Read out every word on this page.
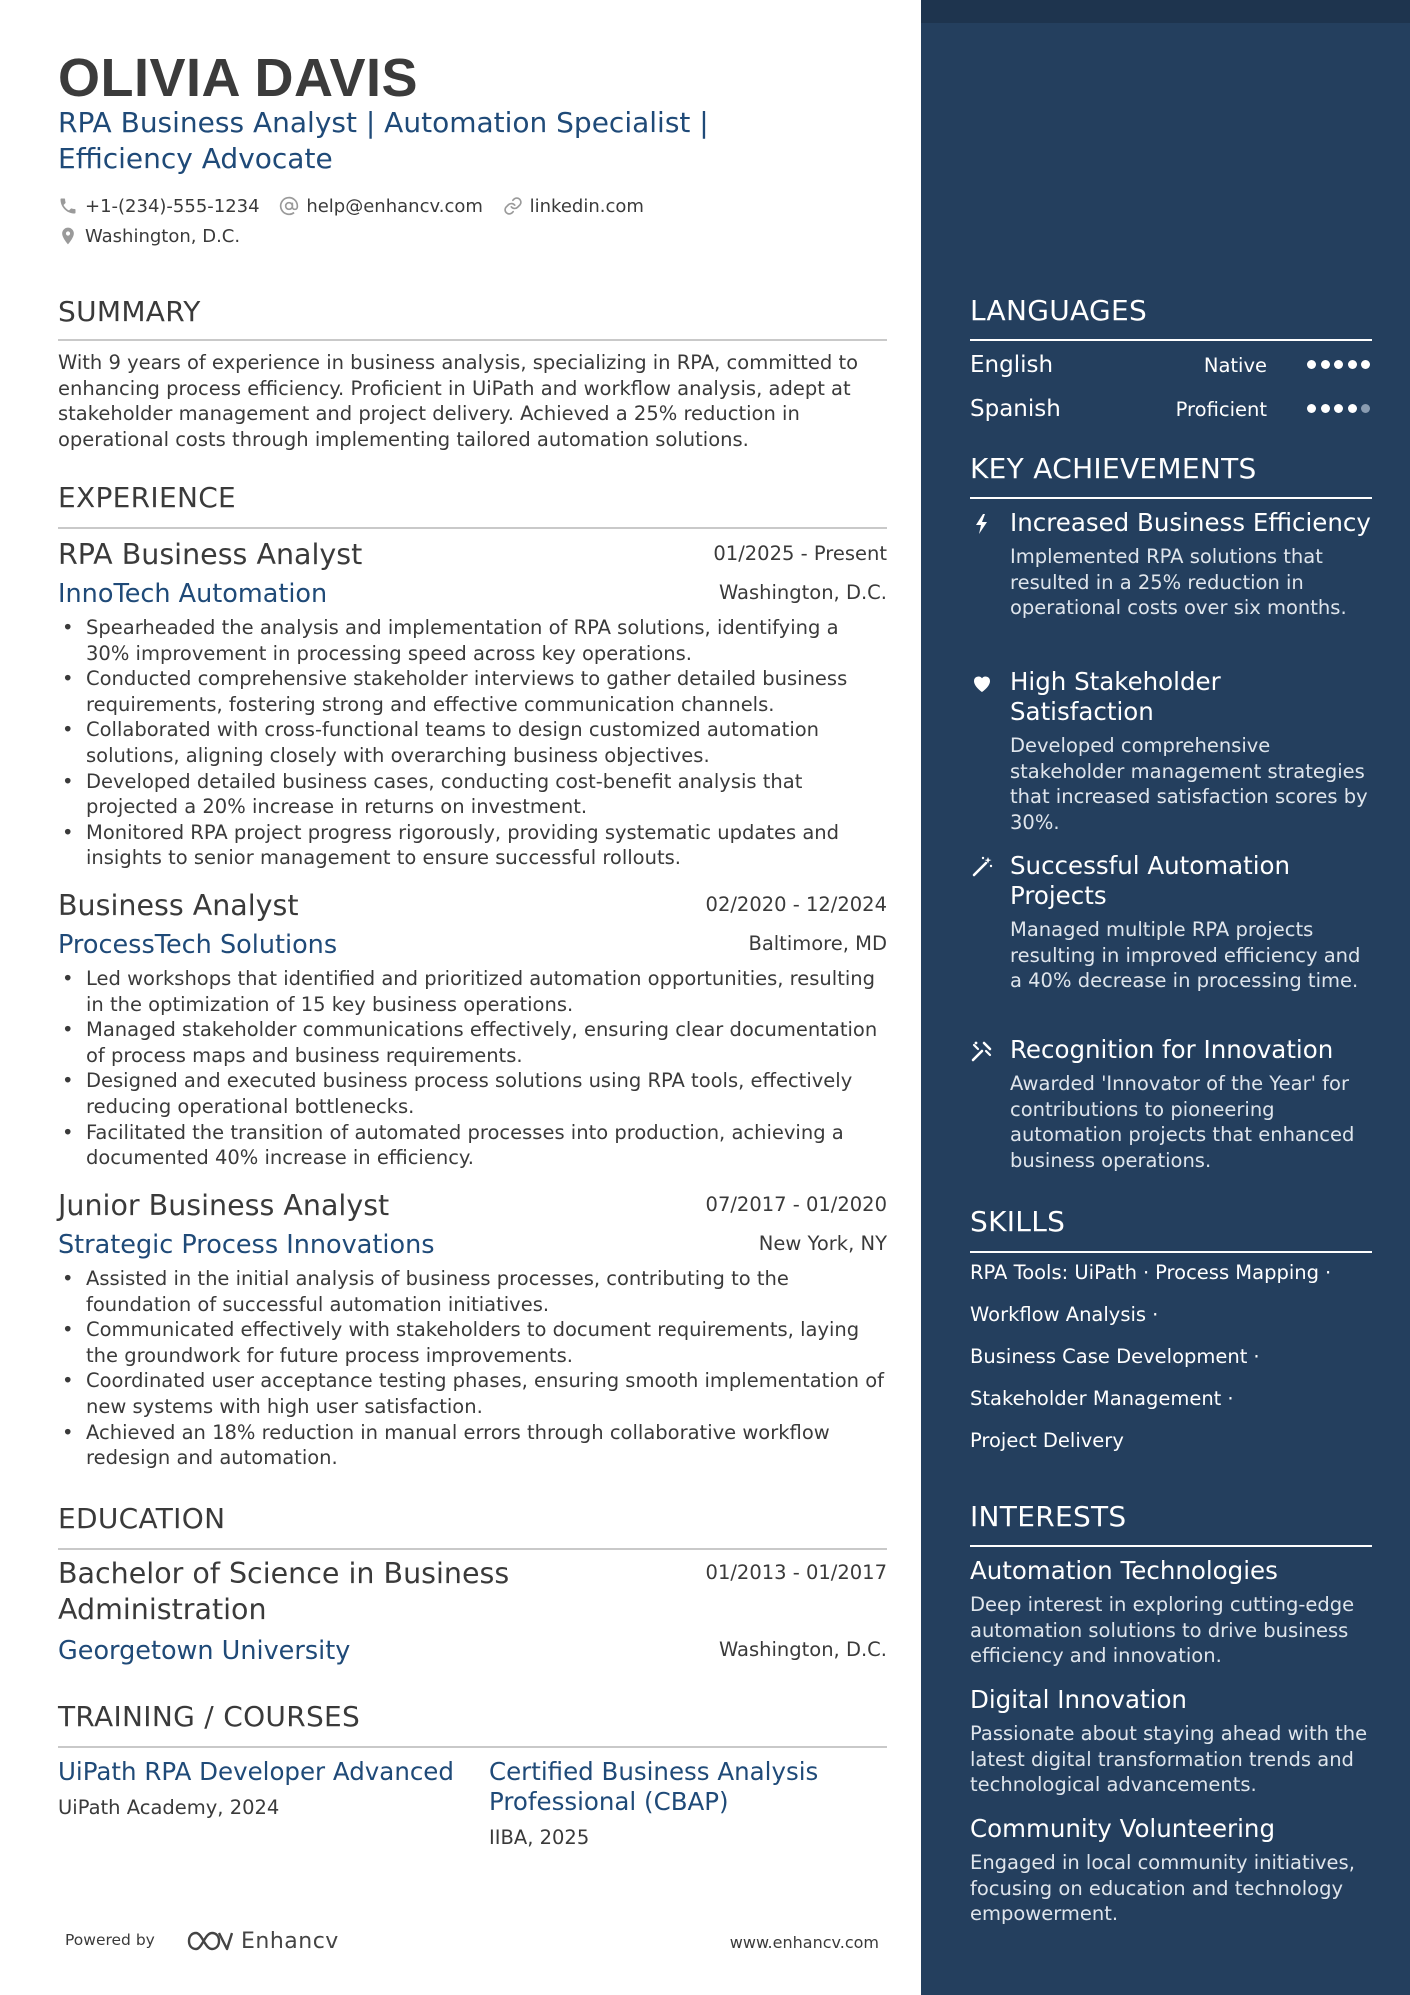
OLIVIA DAVIS
RPA Business Analyst | Automation Specialist | Efficiency Advocate
+1-(234)-555-1234
	help@enhancv.com
	linkedin.com
Washington, D.C.
SUMMARY
With 9 years of experience in business analysis, specializing in RPA, committed to enhancing process efficiency. Proficient in UiPath and workflow analysis, adept at stakeholder management and project delivery. Achieved a 25% reduction in operational costs through implementing tailored automation solutions.
EXPERIENCE
RPA Business Analyst	01/2025 - Present
InnoTech Automation	Washington, D.C.
• Spearheaded the analysis and implementation of RPA solutions, identifying a 30% improvement in processing speed across key operations.
• Conducted comprehensive stakeholder interviews to gather detailed business requirements, fostering strong and effective communication channels.
• Collaborated with cross-functional teams to design customized automation solutions, aligning closely with overarching business objectives.
• Developed detailed business cases, conducting cost-benefit analysis that projected a 20% increase in returns on investment.
• Monitored RPA project progress rigorously, providing systematic updates and insights to senior management to ensure successful rollouts.
Business Analyst	02/2020 - 12/2024
ProcessTech Solutions	Baltimore, MD
• Led workshops that identified and prioritized automation opportunities, resulting in the optimization of 15 key business operations.
• Managed stakeholder communications effectively, ensuring clear documentation of process maps and business requirements.
• Designed and executed business process solutions using RPA tools, effectively reducing operational bottlenecks.
• Facilitated the transition of automated processes into production, achieving a documented 40% increase in efficiency.
Junior Business Analyst	07/2017 - 01/2020
Strategic Process Innovations	New York, NY
• Assisted in the initial analysis of business processes, contributing to the foundation of successful automation initiatives.
• Communicated effectively with stakeholders to document requirements, laying the groundwork for future process improvements.
• Coordinated user acceptance testing phases, ensuring smooth implementation of new systems with high user satisfaction.
• Achieved an 18% reduction in manual errors through collaborative workflow redesign and automation.
EDUCATION
Bachelor of Science in Business Administration
01/2013 - 01/2017
Georgetown University	Washington, D.C.
TRAINING / COURSES
UiPath RPA Developer Advanced
UiPath Academy, 2024
Certified Business Analysis Professional (CBAP)
IIBA, 2025
Powered by	Enhancv	www.enhancv.com
LANGUAGES
English	Native
Spanish	Proficient
KEY ACHIEVEMENTS
Increased Business Efficiency
Implemented RPA solutions that resulted in a 25% reduction in operational costs over six months.
High Stakeholder Satisfaction
Developed comprehensive stakeholder management strategies that increased satisfaction scores by 30%.
Successful Automation Projects
Managed multiple RPA projects resulting in improved efficiency and a 40% decrease in processing time.
Recognition for Innovation
Awarded 'Innovator of the Year' for contributions to pioneering automation projects that enhanced business operations.
SKILLS
RPA Tools: UiPath · Process Mapping ·
Workflow Analysis ·
Business Case Development ·
Stakeholder Management ·
Project Delivery
INTERESTS
Automation Technologies
Deep interest in exploring cutting-edge automation solutions to drive business efficiency and innovation.
Digital Innovation
Passionate about staying ahead with the latest digital transformation trends and technological advancements.
Community Volunteering
Engaged in local community initiatives, focusing on education and technology empowerment.
